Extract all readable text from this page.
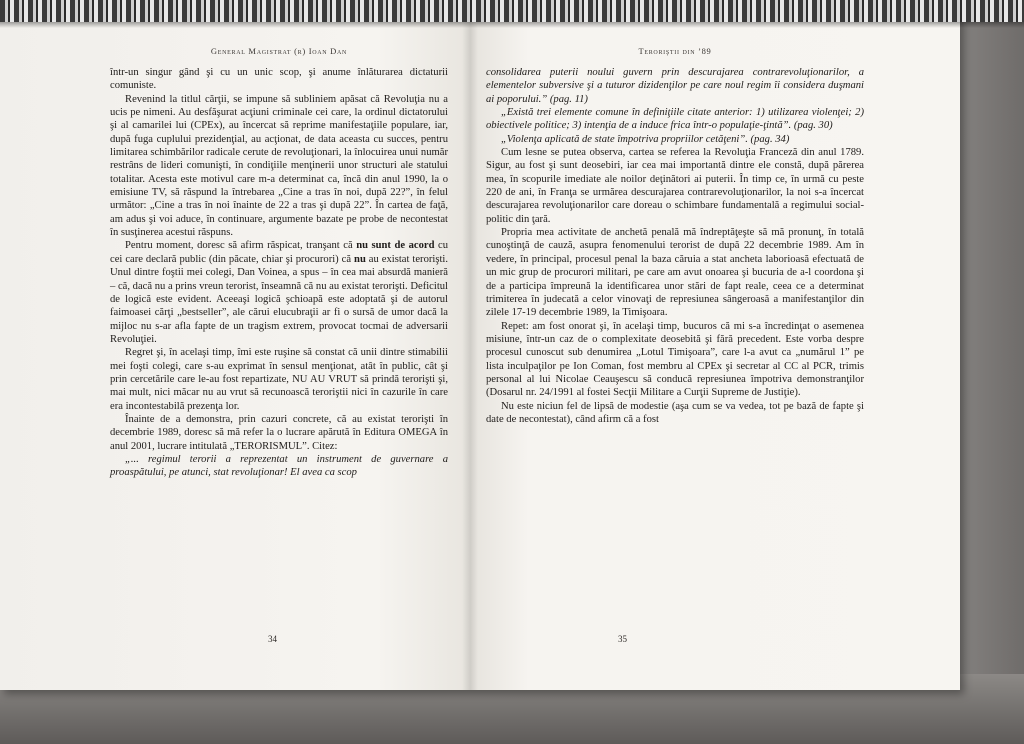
General Magistrat (r) Ioan Dan

într-un singur gând şi cu un unic scop, şi anume înlăturarea dictaturii comuniste.

Revenind la titlul cărţii, se impune să subliniem apăsat că Revoluţia nu a ucis pe nimeni. Au desfăşurat acţiuni criminale cei care, la ordinul dictatorului şi al camarilei lui (CPEx), au încercat să reprime manifestaţiile populare, iar, după fuga cuplului prezidenţial, au acţionat, de data aceasta cu succes, pentru limitarea schimbărilor radicale cerute de revoluţionari, la înlocuirea unui număr restrâns de lideri comunişti, în condiţiile menţinerii unor structuri ale statului totalitar. Acesta este motivul care m-a determinat ca, încă din anul 1990, la o emisiune TV, să răspund la întrebarea „Cine a tras în noi, după 22?”, în felul următor: „Cine a tras în noi înainte de 22 a tras şi după 22”. În cartea de faţă, am adus şi voi aduce, în continuare, argumente bazate pe probe de necontestat în susţinerea acestui răspuns.

Pentru moment, doresc să afirm răspicat, tranşant că nu sunt de acord cu cei care declară public (din păcate, chiar şi procurori) că nu au existat terorişti. Unul dintre foştii mei colegi, Dan Voinea, a spus – în cea mai absurdă manieră – că, dacă nu a prins vreun terorist, înseamnă că nu au existat terorişti. Deficitul de logică este evident. Aceeaşi logică şchioapă este adoptată şi de autorul faimoasei cărţi „bestseller”, ale cărui elucubraţii ar fi o sursă de umor dacă la mijloc nu s-ar afla fapte de un tragism extrem, provocat tocmai de adversarii Revoluţiei.

Regret şi, în acelaşi timp, îmi este ruşine să constat că unii dintre stimabilii mei foşti colegi, care s-au exprimat în sensul menţionat, atât în public, cât şi prin cercetările care le-au fost repartizate, NU AU VRUT să prindă terorişti şi, mai mult, nici măcar nu au vrut să recunoască teroriştii nici în cazurile în care era incontestabilă prezenţa lor.

Înainte de a demonstra, prin cazuri concrete, că au existat terorişti în decembrie 1989, doresc să mă refer la o lucrare apărută în Editura OMEGA în anul 2001, lucrare intitulată „TERORISMUL”. Citez:

„... regimul terorii a reprezentat un instrument de guvernare a proaspătului, pe atunci, stat revoluţionar! El avea ca scop

34
Teroriştii din ’89

consolidarea puterii noului guvern prin descurajarea contrarevoluţionarilor, a elementelor subversive şi a tuturor dizidenţilor pe care noul regim îi considera duşmani ai poporului.” (pag. 11)

„Există trei elemente comune în definiţiile citate anterior: 1) utilizarea violenţei; 2) obiectivele politice; 3) intenţia de a induce frica într-o populaţie-ţintă”. (pag. 30)

„Violenţa aplicată de state împotriva propriilor cetăţeni”. (pag. 34)

Cum lesne se putea observa, cartea se referea la Revoluţia Franceză din anul 1789. Sigur, au fost şi sunt deosebiri, iar cea mai importantă dintre ele constă, după părerea mea, în scopurile imediate ale noilor deţinători ai puterii. În timp ce, în urmă cu peste 220 de ani, în Franţa se urmărea descurajarea contrarevoluţionarilor, la noi s-a încercat descurajarea revoluţionarilor care doreau o schimbare fundamentală a regimului social-politic din ţară.

Propria mea activitate de anchetă penală mă îndreptăţeşte să mă pronunţ, în totală cunoştinţă de cauză, asupra fenomenului terorist de după 22 decembrie 1989. Am în vedere, în principal, procesul penal la baza căruia a stat ancheta laborioasă efectuată de un mic grup de procurori militari, pe care am avut onoarea şi bucuria de a-l coordona şi de a participa împreună la identificarea unor stări de fapt reale, ceea ce a determinat trimiterea în judecată a celor vinovaţi de represiunea sângeroasă a manifestanţilor din zilele 17-19 decembrie 1989, la Timişoara.

Repet: am fost onorat şi, în acelaşi timp, bucuros că mi s-a încredinţat o asemenea misiune, într-un caz de o complexitate deosebită şi fără precedent. Este vorba despre procesul cunoscut sub denumirea „Lotul Timişoara”, care l-a avut ca „numărul 1” pe lista inculpaţilor pe Ion Coman, fost membru al CPEx şi secretar al CC al PCR, trimis personal al lui Nicolae Ceauşescu să conducă represiunea împotriva demonstranţilor (Dosarul nr. 24/1991 al fostei Secţii Militare a Curţii Supreme de Justiţie).

Nu este niciun fel de lipsă de modestie (aşa cum se va vedea, tot pe bază de fapte şi date de necontestat), când afirm că a fost

35
